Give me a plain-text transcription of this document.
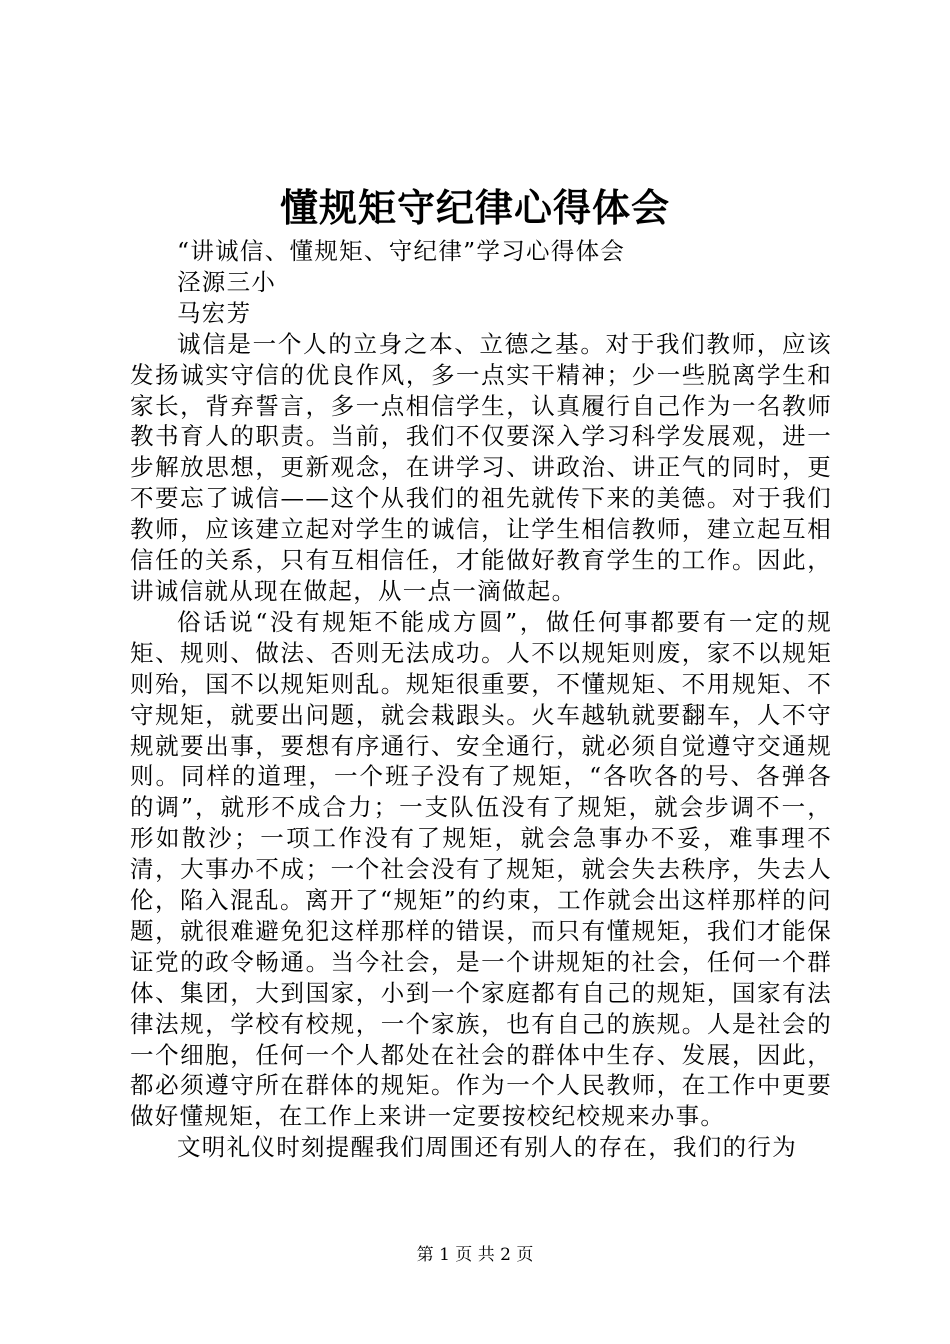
懂规矩守纪律心得体会

“讲诚信、懂规矩、守纪律”学习心得体会

泾源三小

马宏芳

诚信是一个人的立身之本、立德之基。对于我们教师，应该发扬诚实守信的优良作风，多一点实干精神；少一些脱离学生和家长，背弃誓言，多一点相信学生，认真履行自己作为一名教师教书育人的职责。当前，我们不仅要深入学习科学发展观，进一步解放思想，更新观念，在讲学习、讲政治、讲正气的同时，更不要忘了诚信——这个从我们的祖先就传下来的美德。对于我们教师，应该建立起对学生的诚信，让学生相信教师，建立起互相信任的关系，只有互相信任，才能做好教育学生的工作。因此，讲诚信就从现在做起，从一点一滴做起。

俗话说“没有规矩不能成方圆”，做任何事都要有一定的规矩、规则、做法、否则无法成功。人不以规矩则废，家不以规矩则殆，国不以规矩则乱。规矩很重要，不懂规矩、不用规矩、不守规矩，就要出问题，就会栽跟头。火车越轨就要翻车，人不守规就要出事，要想有序通行、安全通行，就必须自觉遵守交通规则。同样的道理，一个班子没有了规矩，“各吹各的号、各弹各的调”，就形不成合力；一支队伍没有了规矩，就会步调不一，形如散沙；一项工作没有了规矩，就会急事办不妥，难事理不清，大事办不成；一个社会没有了规矩，就会失去秩序，失去人伦，陷入混乱。离开了“规矩”的约束，工作就会出这样那样的问题，就很难避免犯这样那样的错误，而只有懂规矩，我们才能保证党的政令畅通。当今社会，是一个讲规矩的社会，任何一个群体、集团，大到国家，小到一个家庭都有自己的规矩，国家有法律法规，学校有校规，一个家族，也有自己的族规。人是社会的一个细胞，任何一个人都处在社会的群体中生存、发展，因此，都必须遵守所在群体的规矩。作为一个人民教师，在工作中更要做好懂规矩，在工作上来讲一定要按校纪校规来办事。

文明礼仪时刻提醒我们周围还有别人的存在，我们的行为

第 1 页 共 2 页
